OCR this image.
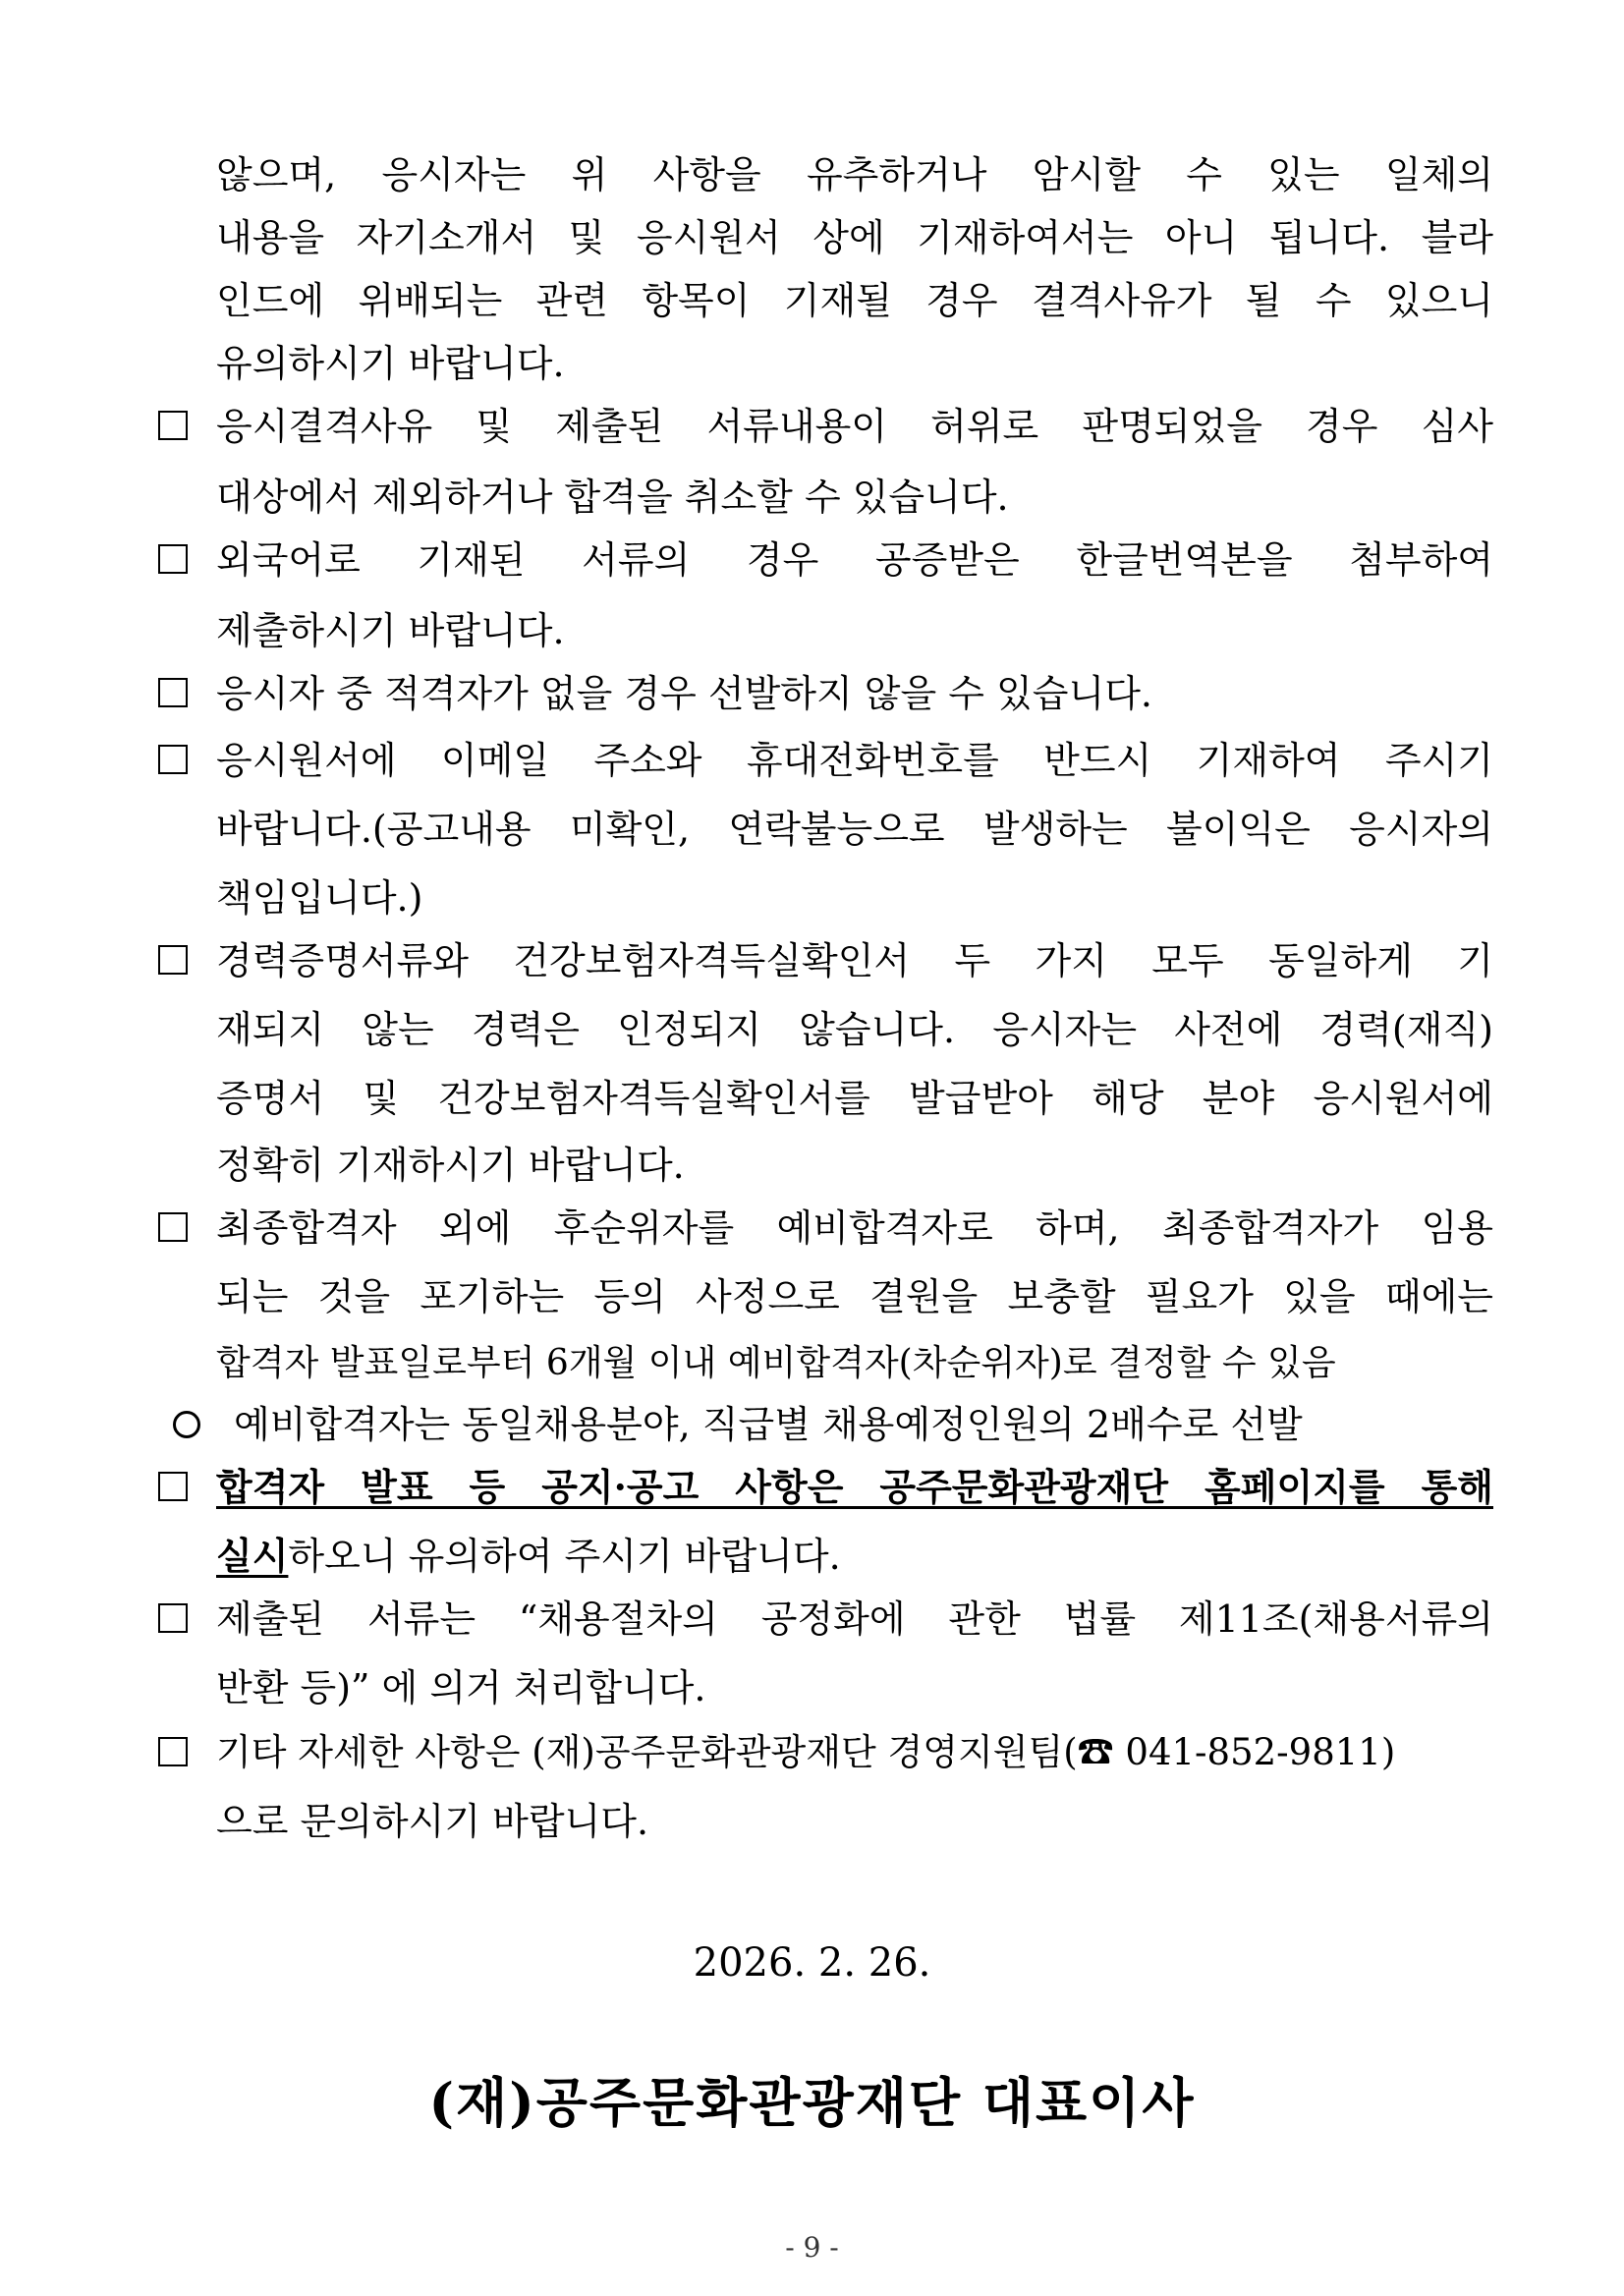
않으며, 응시자는 위 사항을 유추하거나 암시할 수 있는 일체의
내용을 자기소개서 및 응시원서 상에 기재하여서는 아니 됩니다. 블라
인드에 위배되는 관련 항목이 기재될 경우 결격사유가 될 수 있으니
유의하시기 바랍니다.
응시결격사유 및 제출된 서류내용이 허위로 판명되었을 경우 심사
대상에서 제외하거나 합격을 취소할 수 있습니다.
외국어로 기재된 서류의 경우 공증받은 한글번역본을 첨부하여
제출하시기 바랍니다.
응시자 중 적격자가 없을 경우 선발하지 않을 수 있습니다.
응시원서에 이메일 주소와 휴대전화번호를 반드시 기재하여 주시기
바랍니다.(공고내용 미확인, 연락불능으로 발생하는 불이익은 응시자의
책임입니다.)
경력증명서류와 건강보험자격득실확인서 두 가지 모두 동일하게 기
재되지 않는 경력은 인정되지 않습니다. 응시자는 사전에 경력(재직)
증명서 및 건강보험자격득실확인서를 발급받아 해당 분야 응시원서에
정확히 기재하시기 바랍니다.
최종합격자 외에 후순위자를 예비합격자로 하며, 최종합격자가 임용
되는 것을 포기하는 등의 사정으로 결원을 보충할 필요가 있을 때에는
합격자 발표일로부터 6개월 이내 예비합격자(차순위자)로 결정할 수 있음
예비합격자는 동일채용분야, 직급별 채용예정인원의 2배수로 선발
합격자 발표 등 공지·공고 사항은 공주문화관광재단 홈페이지를 통해
실시하오니 유의하여 주시기 바랍니다.
제출된 서류는 “채용절차의 공정화에 관한 법률 제11조(채용서류의
반환 등)” 에 의거 처리합니다.
기타 자세한 사항은 (재)공주문화관광재단 경영지원팀(☎ 041-852-9811)
으로 문의하시기 바랍니다.
2026. 2. 26.
(재)공주문화관광재단 대표이사
- 9 -
